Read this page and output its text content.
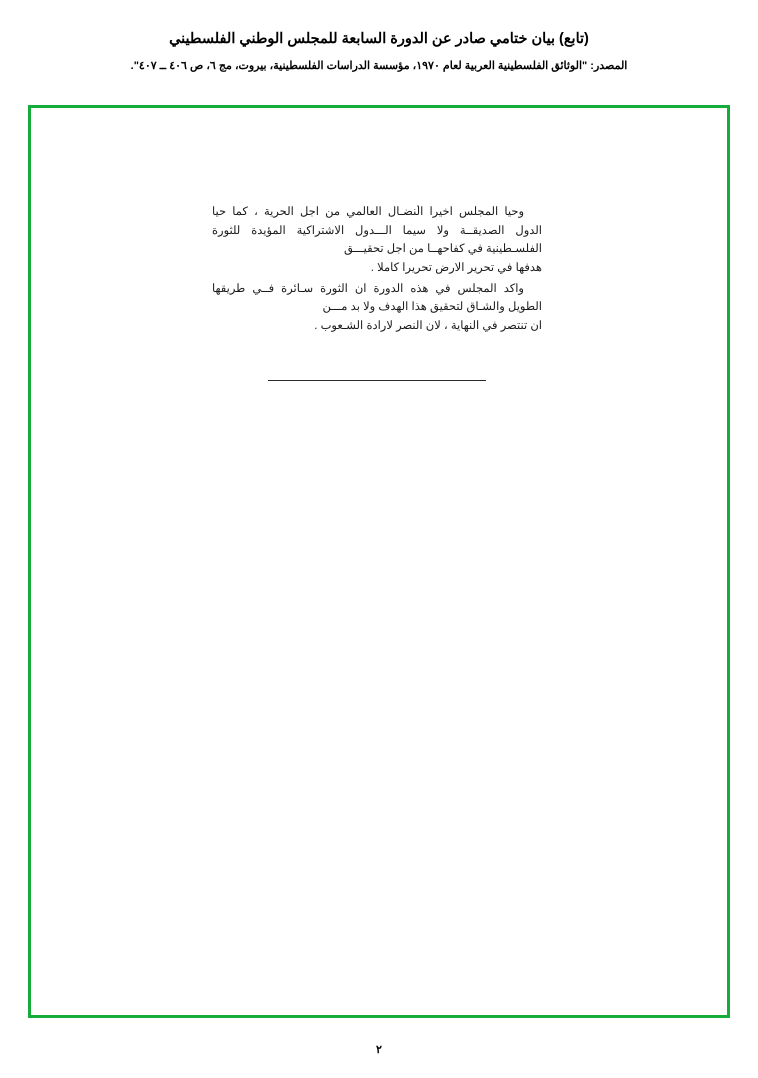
(تابع) بيان ختامي صادر عن الدورة السابعة للمجلس الوطني الفلسطيني
المصدر: "الوثائق الفلسطينية العربية لعام ١٩٧٠، مؤسسة الدراسات الفلسطينية، بيروت، مج ٦، ص ٤٠٦ ــ ٤٠٧".

وحيا المجلس اخيرا النضـال العالمي من اجل الحرية ، كما حيا الدول الصديقــة ولا سيما الـــدول الاشتراكية المؤيدة للثورة الفلسـطينية في كفاحهــا من اجل تحقيـــق
هدفها في تحرير الارض تحريرا كاملا .

واكد المجلس في هذه الدورة ان الثورة سـائرة فــي طريقها الطويل والشـاق لتحقيق هذا الهدف ولا بد مـــن
ان تنتصر في النهاية ، لان النصر لارادة الشـعوب .

٢
